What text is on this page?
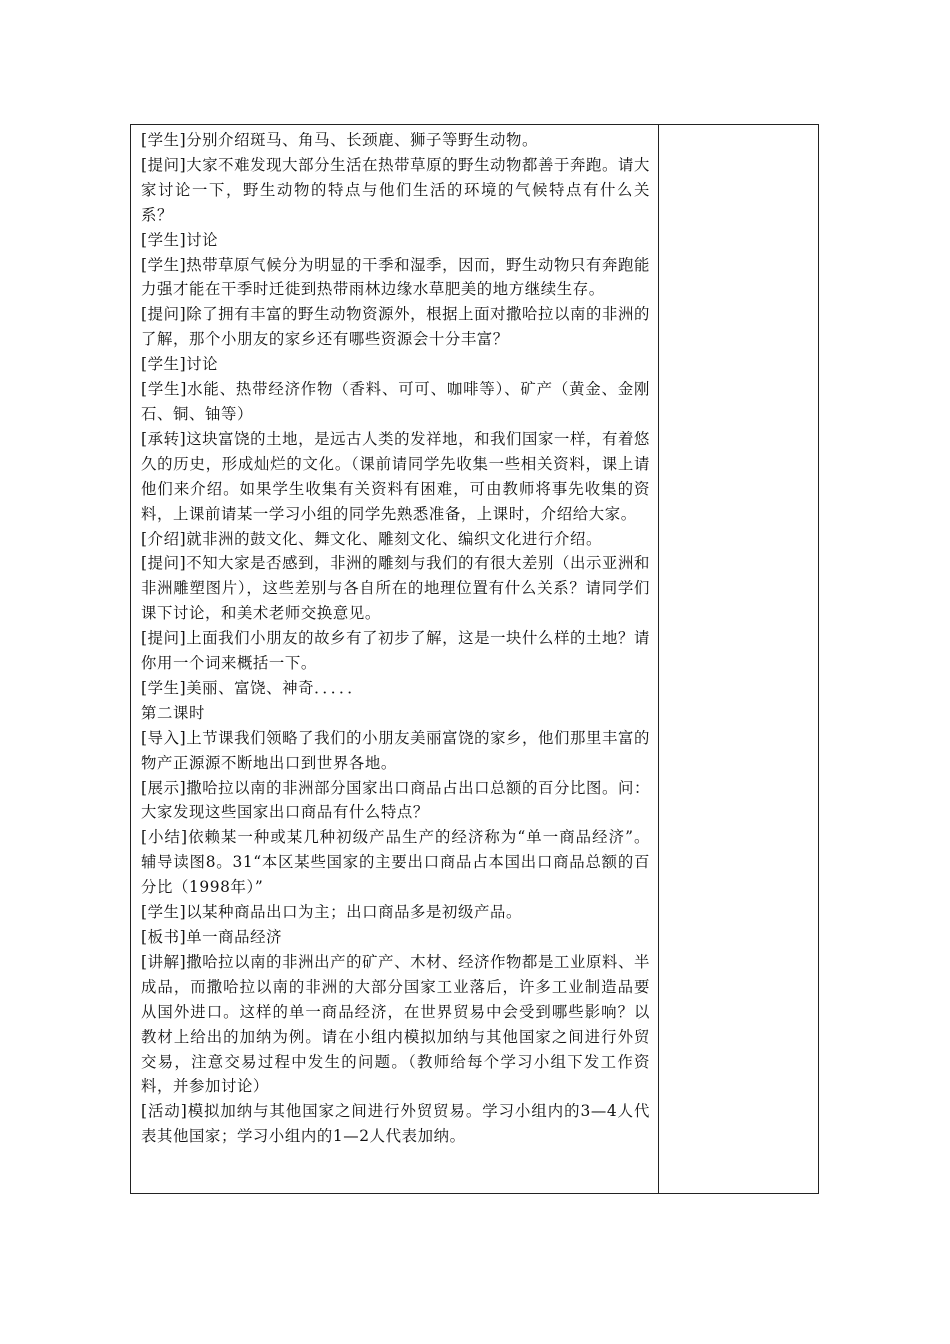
[学生]分别介绍斑马、角马、长颈鹿、狮子等野生动物。

[提问]大家不难发现大部分生活在热带草原的野生动物都善于奔跑。请大家讨论一下，野生动物的特点与他们生活的环境的气候特点有什么关系？

[学生]讨论

[学生]热带草原气候分为明显的干季和湿季，因而，野生动物只有奔跑能力强才能在干季时迁徙到热带雨林边缘水草肥美的地方继续生存。

[提问]除了拥有丰富的野生动物资源外，根据上面对撒哈拉以南的非洲的了解，那个小朋友的家乡还有哪些资源会十分丰富？

[学生]讨论

[学生]水能、热带经济作物（香料、可可、咖啡等）、矿产（黄金、金刚石、铜、铀等）

[承转]这块富饶的土地，是远古人类的发祥地，和我们国家一样，有着悠久的历史，形成灿烂的文化。（课前请同学先收集一些相关资料，课上请他们来介绍。如果学生收集有关资料有困难，可由教师将事先收集的资料，上课前请某一学习小组的同学先熟悉准备，上课时，介绍给大家。

[介绍]就非洲的鼓文化、舞文化、雕刻文化、编织文化进行介绍。

[提问]不知大家是否感到，非洲的雕刻与我们的有很大差别（出示亚洲和非洲雕塑图片），这些差别与各自所在的地理位置有什么关系？请同学们课下讨论，和美术老师交换意见。

[提问]上面我们小朋友的故乡有了初步了解，这是一块什么样的土地？请你用一个词来概括一下。

[学生]美丽、富饶、神奇．．．．．

第二课时

[导入]上节课我们领略了我们的小朋友美丽富饶的家乡，他们那里丰富的物产正源源不断地出口到世界各地。

[展示]撒哈拉以南的非洲部分国家出口商品占出口总额的百分比图。问：大家发现这些国家出口商品有什么特点？

[小结]依赖某一种或某几种初级产品生产的经济称为“单一商品经济”。辅导读图8。31“本区某些国家的主要出口商品占本国出口商品总额的百分比（1998年）”

[学生]以某种商品出口为主；出口商品多是初级产品。

[板书]单一商品经济

[讲解]撒哈拉以南的非洲出产的矿产、木材、经济作物都是工业原料、半成品，而撒哈拉以南的非洲的大部分国家工业落后，许多工业制造品要从国外进口。这样的单一商品经济，在世界贸易中会受到哪些影响？以教材上给出的加纳为例。请在小组内模拟加纳与其他国家之间进行外贸交易，注意交易过程中发生的问题。（教师给每个学习小组下发工作资料，并参加讨论）

[活动]模拟加纳与其他国家之间进行外贸贸易。学习小组内的3—4人代表其他国家；学习小组内的1—2人代表加纳。
